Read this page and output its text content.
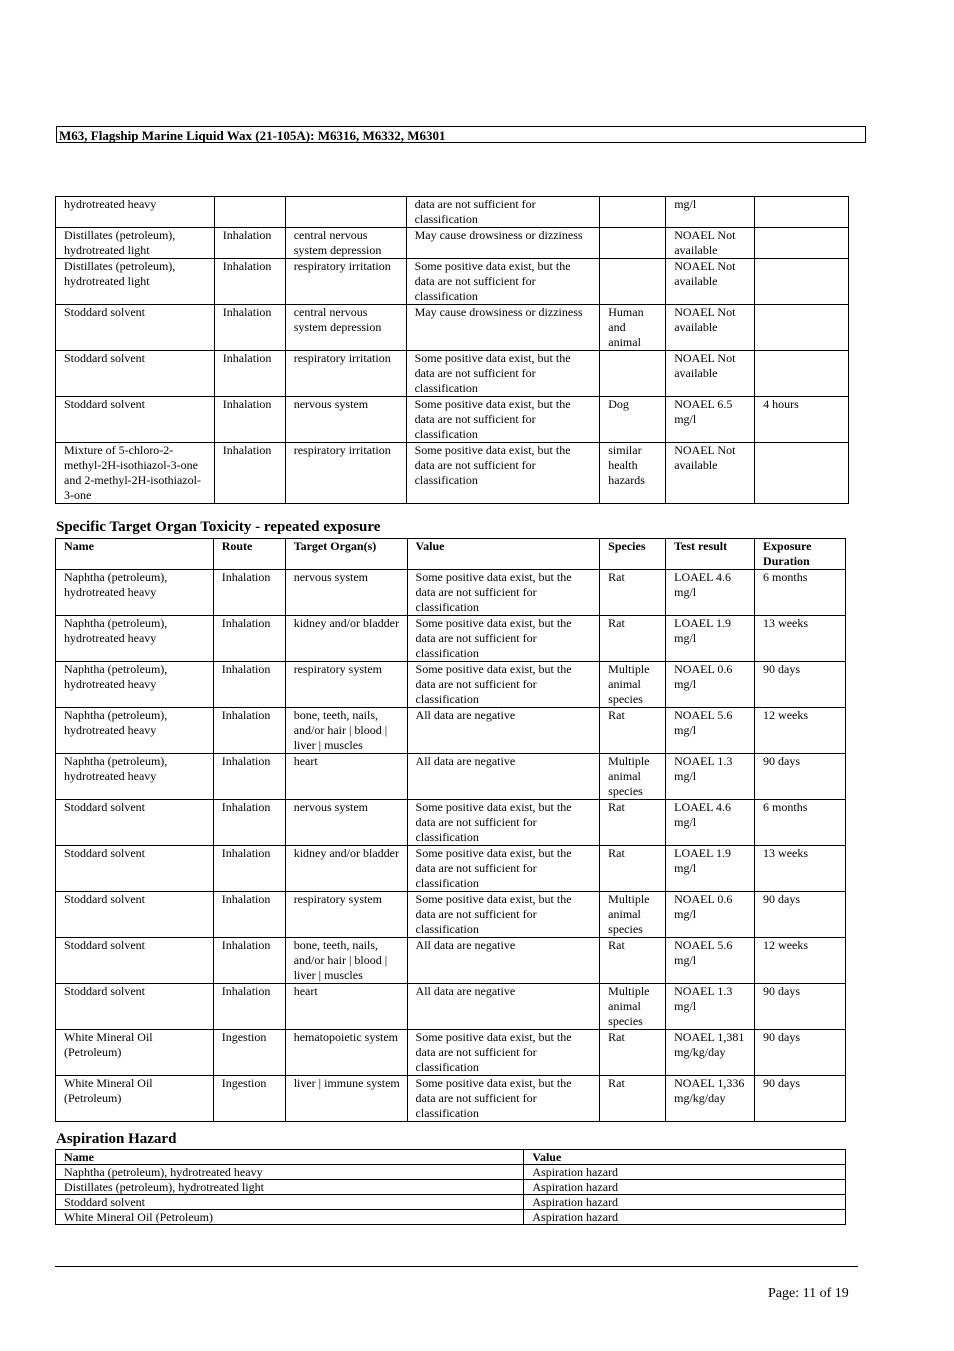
M63, Flagship Marine Liquid Wax (21-105A): M6316, M6332, M6301
hydrotreated heavy			data are not sufficient for classification		mg/l	
Distillates (petroleum), hydrotreated light	Inhalation	central nervous system depression	May cause drowsiness or dizziness		NOAEL Not available	
Distillates (petroleum), hydrotreated light	Inhalation	respiratory irritation	Some positive data exist, but the data are not sufficient for classification		NOAEL Not available	
Stoddard solvent	Inhalation	central nervous system depression	May cause drowsiness or dizziness	Human and animal	NOAEL Not available	
Stoddard solvent	Inhalation	respiratory irritation	Some positive data exist, but the data are not sufficient for classification		NOAEL Not available	
Stoddard solvent	Inhalation	nervous system	Some positive data exist, but the data are not sufficient for classification	Dog	NOAEL 6.5 mg/l	4 hours
Mixture of 5-chloro-2-methyl-2H-isothiazol-3-one and 2-methyl-2H-isothiazol-3-one	Inhalation	respiratory irritation	Some positive data exist, but the data are not sufficient for classification	similar health hazards	NOAEL Not available	
Specific Target Organ Toxicity - repeated exposure
Name	Route	Target Organ(s)	Value	Species	Test result	Exposure Duration
Naphtha (petroleum), hydrotreated heavy	Inhalation	nervous system	Some positive data exist, but the data are not sufficient for classification	Rat	LOAEL 4.6 mg/l	6 months
Naphtha (petroleum), hydrotreated heavy	Inhalation	kidney and/or bladder	Some positive data exist, but the data are not sufficient for classification	Rat	LOAEL 1.9 mg/l	13 weeks
Naphtha (petroleum), hydrotreated heavy	Inhalation	respiratory system	Some positive data exist, but the data are not sufficient for classification	Multiple animal species	NOAEL 0.6 mg/l	90 days
Naphtha (petroleum), hydrotreated heavy	Inhalation	bone, teeth, nails, and/or hair | blood | liver | muscles	All data are negative	Rat	NOAEL 5.6 mg/l	12 weeks
Naphtha (petroleum), hydrotreated heavy	Inhalation	heart	All data are negative	Multiple animal species	NOAEL 1.3 mg/l	90 days
Stoddard solvent	Inhalation	nervous system	Some positive data exist, but the data are not sufficient for classification	Rat	LOAEL 4.6 mg/l	6 months
Stoddard solvent	Inhalation	kidney and/or bladder	Some positive data exist, but the data are not sufficient for classification	Rat	LOAEL 1.9 mg/l	13 weeks
Stoddard solvent	Inhalation	respiratory system	Some positive data exist, but the data are not sufficient for classification	Multiple animal species	NOAEL 0.6 mg/l	90 days
Stoddard solvent	Inhalation	bone, teeth, nails, and/or hair | blood | liver | muscles	All data are negative	Rat	NOAEL 5.6 mg/l	12 weeks
Stoddard solvent	Inhalation	heart	All data are negative	Multiple animal species	NOAEL 1.3 mg/l	90 days
White Mineral Oil (Petroleum)	Ingestion	hematopoietic system	Some positive data exist, but the data are not sufficient for classification	Rat	NOAEL 1,381 mg/kg/day	90 days
White Mineral Oil (Petroleum)	Ingestion	liver | immune system	Some positive data exist, but the data are not sufficient for classification	Rat	NOAEL 1,336 mg/kg/day	90 days
Aspiration Hazard
Name	Value
Naphtha (petroleum), hydrotreated heavy	Aspiration hazard
Distillates (petroleum), hydrotreated light	Aspiration hazard
Stoddard solvent	Aspiration hazard
White Mineral Oil (Petroleum)	Aspiration hazard
Page: 11 of 19
